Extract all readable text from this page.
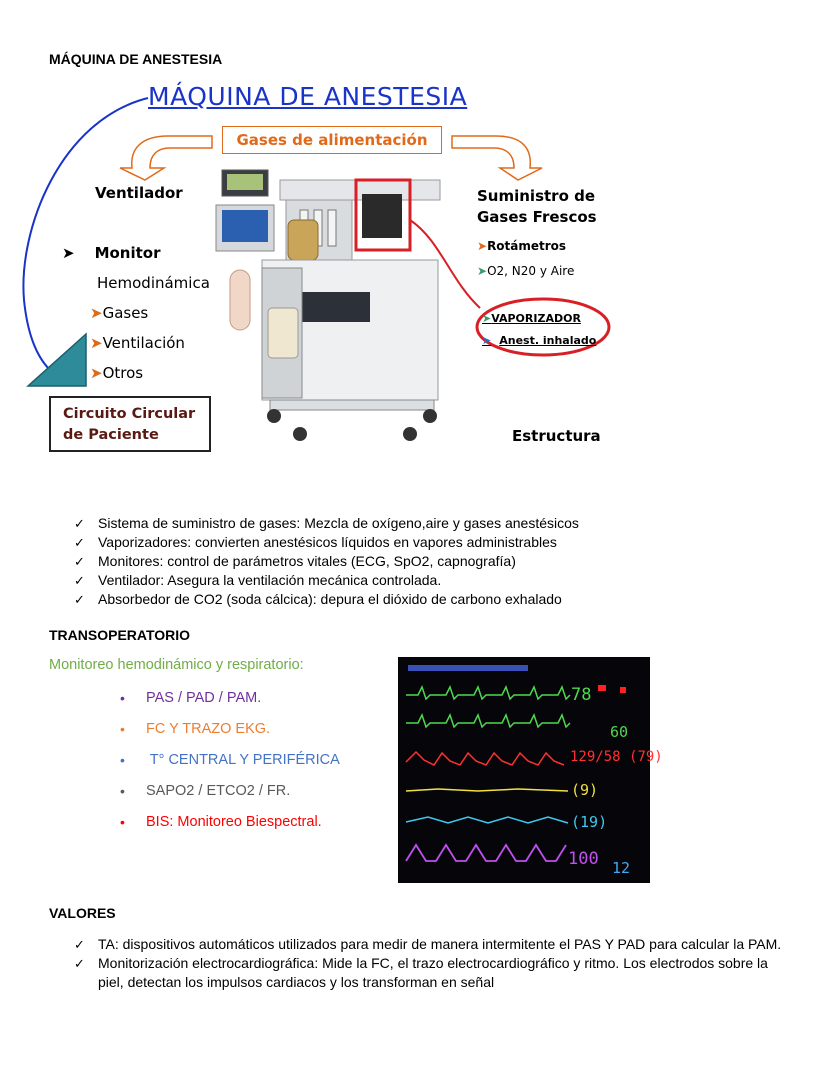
MÁQUINA DE ANESTESIA
MÁQUINA DE ANESTESIA
Gases de alimentación
Ventilador
➤ Monitor
Hemodinámica
➤Gases
➤Ventilación
➤Otros
Circuito Circular
de Paciente
Suministro de
Gases Frescos
➤Rotámetros
➤O2, N20 y Aire
➤VAPORIZADOR
➤ Anest. inhalado
Estructura
✓ Sistema de suministro de gases: Mezcla de oxígeno,aire y gases anestésicos
✓ Vaporizadores: convierten anestésicos líquidos en vapores administrables
✓ Monitores: control de parámetros vitales (ECG, SpO2, capnografía)
✓ Ventilador: Asegura la ventilación mecánica controlada.
✓ Absorbedor de CO2 (soda cálcica): depura el dióxido de carbono exhalado
TRANSOPERATORIO
Monitoreo hemodinámico y respiratorio:
• PAS / PAD / PAM.
• FC Y TRAZO EKG.
•  T° CENTRAL Y PERIFÉRICA
• SAPO2 / ETCO2 / FR.
• BIS: Monitoreo Biespectral.
78
60
129/58 (79)
(9)
(19)
100 12
VALORES
✓ TA: dispositivos automáticos utilizados para medir de manera intermitente el PAS Y PAD para calcular la PAM.
✓ Monitorización electrocardiográfica: Mide la FC, el trazo electrocardiográfico y ritmo. Los electrodos sobre la piel, detectan los impulsos cardiacos y los transforman en señal
